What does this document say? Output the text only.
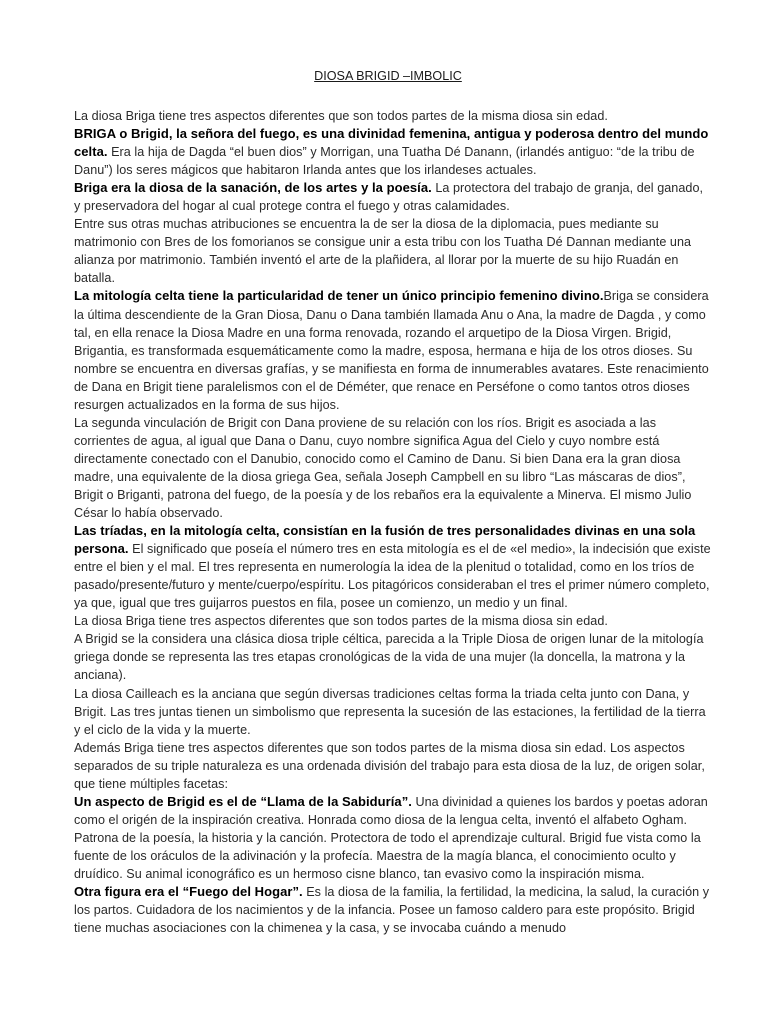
DIOSA BRIGID –IMBOLIC

La diosa Briga tiene tres aspectos diferentes que son todos partes de la misma diosa sin edad.

BRIGA o Brigid, la señora del fuego, es una divinidad femenina, antigua y poderosa dentro del mundo celta. Era la hija de Dagda “el buen dios” y Morrigan, una Tuatha Dé Danann, (irlandés antiguo: “de la tribu de Danu”) los seres mágicos que habitaron Irlanda antes que los irlandeses actuales.

Briga era la diosa de la sanación, de los artes y la poesía. La protectora del trabajo de granja, del ganado, y preservadora del hogar al cual protege contra el fuego y otras calamidades.

Entre sus otras muchas atribuciones se encuentra la de ser la diosa de la diplomacia, pues mediante su matrimonio con Bres de los fomorianos se consigue unir a esta tribu con los Tuatha Dé Dannan mediante una alianza por matrimonio. También inventó el arte de la plañidera, al llorar por la muerte de su hijo Ruadán en batalla.

La mitología celta tiene la particularidad de tener un único principio femenino divino.Briga se considera la última descendiente de la Gran Diosa, Danu o Dana también llamada Anu o Ana, la madre de Dagda , y como tal, en ella renace la Diosa Madre en una forma renovada, rozando el arquetipo de la Diosa Virgen. Brigid, Brigantia, es transformada esquemáticamente como la madre, esposa, hermana e hija de los otros dioses. Su nombre se encuentra en diversas grafías, y se manifiesta en forma de innumerables avatares. Este renacimiento de Dana en Brigit tiene paralelismos con el de Déméter, que renace en Perséfone o como tantos otros dioses resurgen actualizados en la forma de sus hijos.

La segunda vinculación de Brigit con Dana proviene de su relación con los ríos. Brigit es asociada a las corrientes de agua, al igual que Dana o Danu, cuyo nombre significa Agua del Cielo y cuyo nombre está directamente conectado con el Danubio, conocido como el Camino de Danu. Si bien Dana era la gran diosa madre, una equivalente de la diosa griega Gea, señala Joseph Campbell en su libro “Las máscaras de dios”, Brigit o Briganti, patrona del fuego, de la poesía y de los rebaños era la equivalente a Minerva. El mismo Julio César lo había observado.

Las tríadas, en la mitología celta, consistían en la fusión de tres personalidades divinas en una sola persona. El significado que poseía el número tres en esta mitología es el de «el medio», la indecisión que existe entre el bien y el mal. El tres representa en numerología la idea de la plenitud o totalidad, como en los tríos de pasado/presente/futuro y mente/cuerpo/espíritu. Los pitagóricos consideraban el tres el primer número completo, ya que, igual que tres guijarros puestos en fila, posee un comienzo, un medio y un final.

La diosa Briga tiene tres aspectos diferentes que son todos partes de la misma diosa sin edad.

A Brigid se la considera una clásica diosa triple céltica, parecida a la Triple Diosa de origen lunar de la mitología griega donde se representa las tres etapas cronológicas de la vida de una mujer (la doncella, la matrona y la anciana).

La diosa Cailleach es la anciana que según diversas tradiciones celtas forma la triada celta junto con Dana, y Brigit. Las tres juntas tienen un simbolismo que representa la sucesión de las estaciones, la fertilidad de la tierra y el ciclo de la vida y la muerte.

Además Briga tiene tres aspectos diferentes que son todos partes de la misma diosa sin edad. Los aspectos separados de su triple naturaleza es una ordenada división del trabajo para esta diosa de la luz, de origen solar, que tiene múltiples facetas:

Un aspecto de Brigid es el de “Llama de la Sabiduría”. Una divinidad a quienes los bardos y poetas adoran como el origén de la inspiración creativa. Honrada como diosa de la lengua celta, inventó el alfabeto Ogham. Patrona de la poesía, la historia y la canción. Protectora de todo el aprendizaje cultural. Brigid fue vista como la fuente de los oráculos de la adivinación y la profecía. Maestra de la magía blanca, el conocimiento oculto y druídico. Su animal iconográfico es un hermoso cisne blanco, tan evasivo como la inspiración misma.

Otra figura era el “Fuego del Hogar”. Es la diosa de la familia, la fertilidad, la medicina, la salud, la curación y los partos. Cuidadora de los nacimientos y de la infancia. Posee un famoso caldero para este propósito. Brigid tiene muchas asociaciones con la chimenea y la casa, y se invocaba cuándo a menudo
